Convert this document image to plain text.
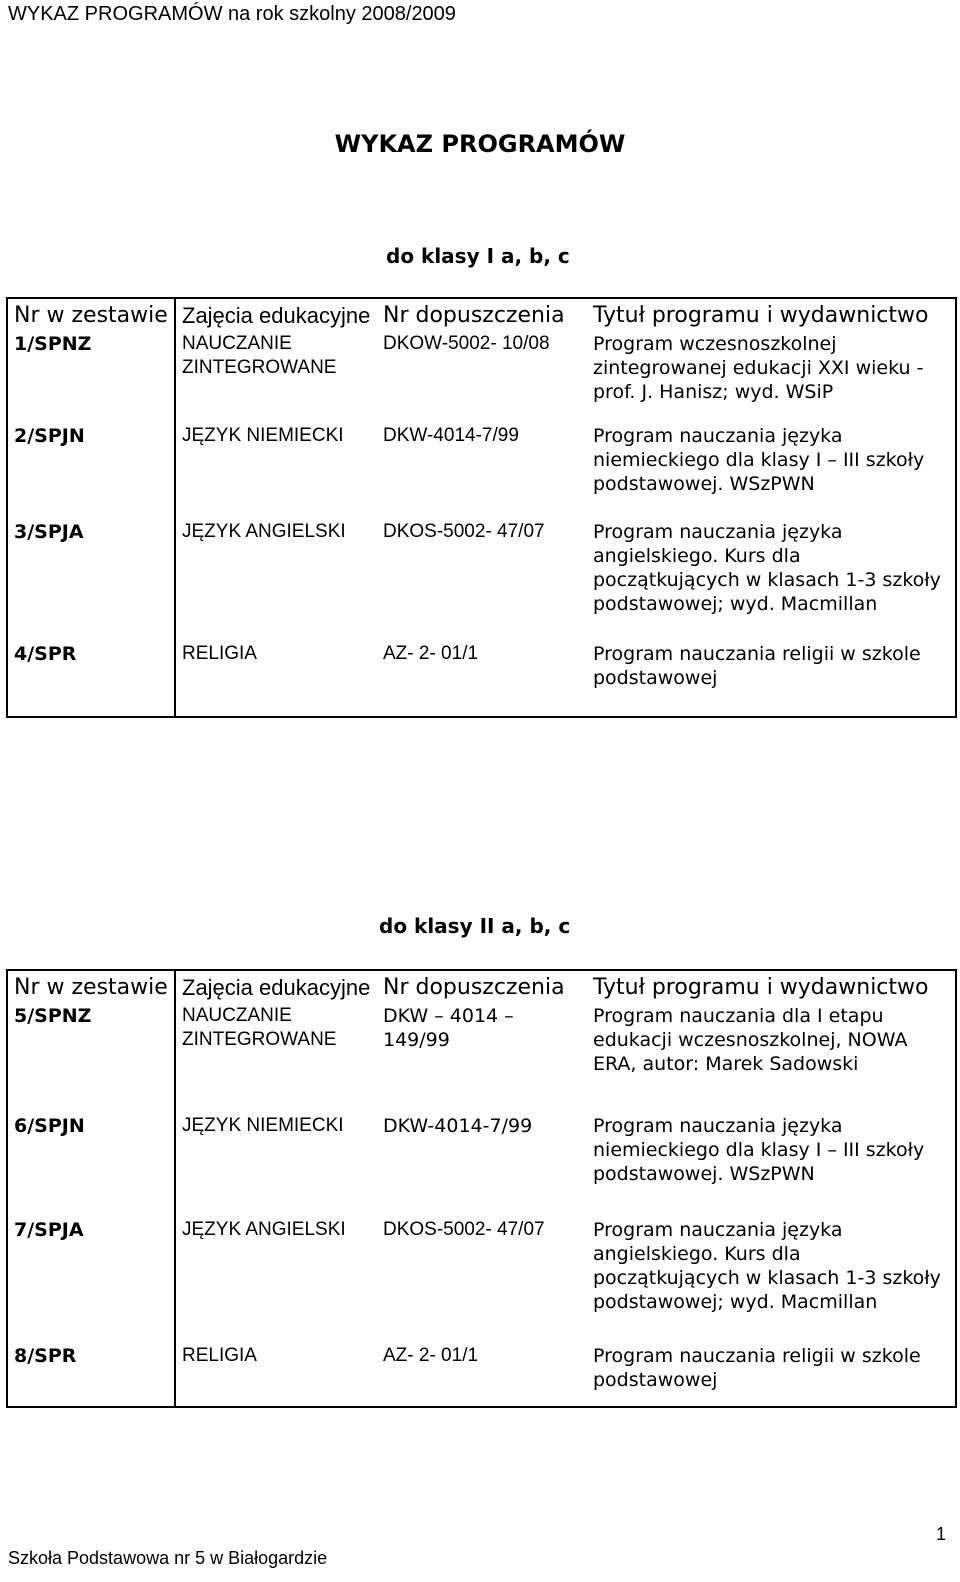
WYKAZ PROGRAMÓW na rok szkolny 2008/2009
WYKAZ PROGRAMÓW
do klasy I a, b, c
Nr w zestawie	Zajęcia edukacyjne	Nr dopuszczenia	Tytuł programu i wydawnictwo
1/SPNZ	NAUCZANIE ZINTEGROWANE	DKOW-5002- 10/08	Program wczesnoszkolnej zintegrowanej edukacji XXI wieku - prof. J. Hanisz; wyd. WSiP
2/SPJN	JĘZYK NIEMIECKI	DKW-4014-7/99	Program nauczania języka niemieckiego dla klasy I – III szkoły podstawowej. WSzPWN
3/SPJA	JĘZYK ANGIELSKI	DKOS-5002- 47/07	Program nauczania języka angielskiego. Kurs dla początkujących w klasach 1-3 szkoły podstawowej; wyd. Macmillan
4/SPR	RELIGIA	AZ- 2- 01/1	Program nauczania religii w szkole podstawowej
do klasy II a, b, c
Nr w zestawie	Zajęcia edukacyjne	Nr dopuszczenia	Tytuł programu i wydawnictwo
5/SPNZ	NAUCZANIE ZINTEGROWANE	DKW – 4014 – 149/99	Program nauczania dla I etapu edukacji wczesnoszkolnej, NOWA ERA, autor: Marek Sadowski
6/SPJN	JĘZYK NIEMIECKI	DKW-4014-7/99	Program nauczania języka niemieckiego dla klasy I – III szkoły podstawowej. WSzPWN
7/SPJA	JĘZYK ANGIELSKI	DKOS-5002- 47/07	Program nauczania języka angielskiego. Kurs dla początkujących w klasach 1-3 szkoły podstawowej; wyd. Macmillan
8/SPR	RELIGIA	AZ- 2- 01/1	Program nauczania religii w szkole podstawowej
Szkoła Podstawowa nr 5 w Białogardzie
1
